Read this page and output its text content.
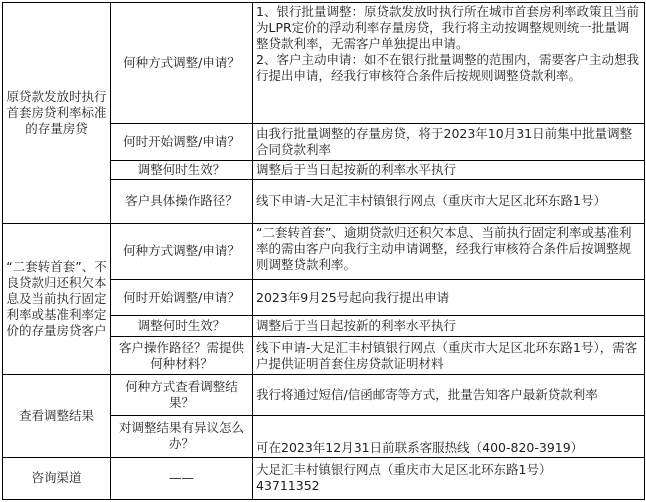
原贷款发放时执行首套房贷利率标准的存量房贷	何种方式调整/申请？	1、银行批量调整：原贷款发放时执行所在城市首套房利率政策且当前为LPR定价的浮动利率存量房贷，我行将主动按调整规则统一批量调整贷款利率，无需客户单独提出申请。
2、客户主动申请：如不在银行批量调整的范围内，需要客户主动想我行提出申请，经我行审核符合条件后按规则调整贷款利率。
	何时开始调整/申请？	由我行批量调整的存量房贷，将于2023年10月31日前集中批量调整合同贷款利率
	调整何时生效？	调整后于当日起按新的利率水平执行
	客户具体操作路径？	线下申请-大足汇丰村镇银行网点（重庆市大足区北环东路1号）
“二套转首套”、不良贷款归还积欠本息及当前执行固定利率或基准利率定价的存量房贷客户	何种方式调整/申请？	“二套转首套”、逾期贷款归还积欠本息、当前执行固定利率或基准利率的需由客户向我行主动申请调整，经我行审核符合条件后按调整规则调整贷款利率。
	何时开始调整/申请？	2023年9月25号起向我行提出申请
	调整何时生效？	调整后于当日起按新的利率水平执行
	客户操作路径？需提供何种材料？	线下申请-大足汇丰村镇银行网点（重庆市大足区北环东路1号），需客户提供证明首套住房贷款证明材料
查看调整结果	何种方式查看调整结果？	我行将通过短信/信函邮寄等方式，批量告知客户最新贷款利率
	对调整结果有异议怎么办？	可在2023年12月31日前联系客服热线（400-820-3919）
咨询渠道	——	大足汇丰村镇银行网点（重庆市大足区北环东路1号）
43711352
